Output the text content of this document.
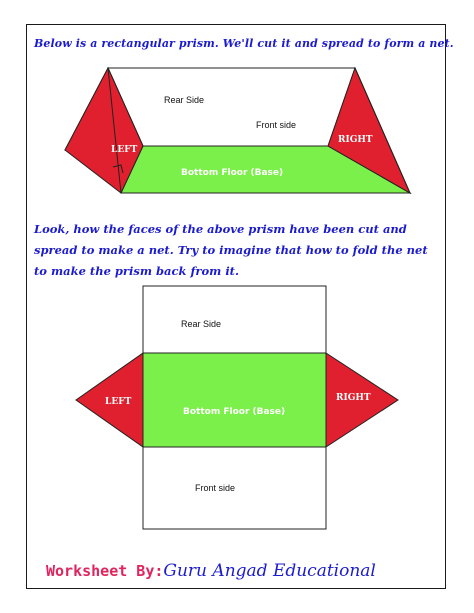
Below is a rectangular prism. We'll cut it and spread to form a net.
Rear Side
Front side
LEFT
RIGHT
Bottom Floor (Base)
Look, how the faces of the above prism have been cut and spread to make a net. Try to imagine that how to fold the net to make the prism back from it.
Rear Side
Front side
LEFT	RIGHT
Bottom Floor (Base)
Worksheet By:Guru Angad Educational
